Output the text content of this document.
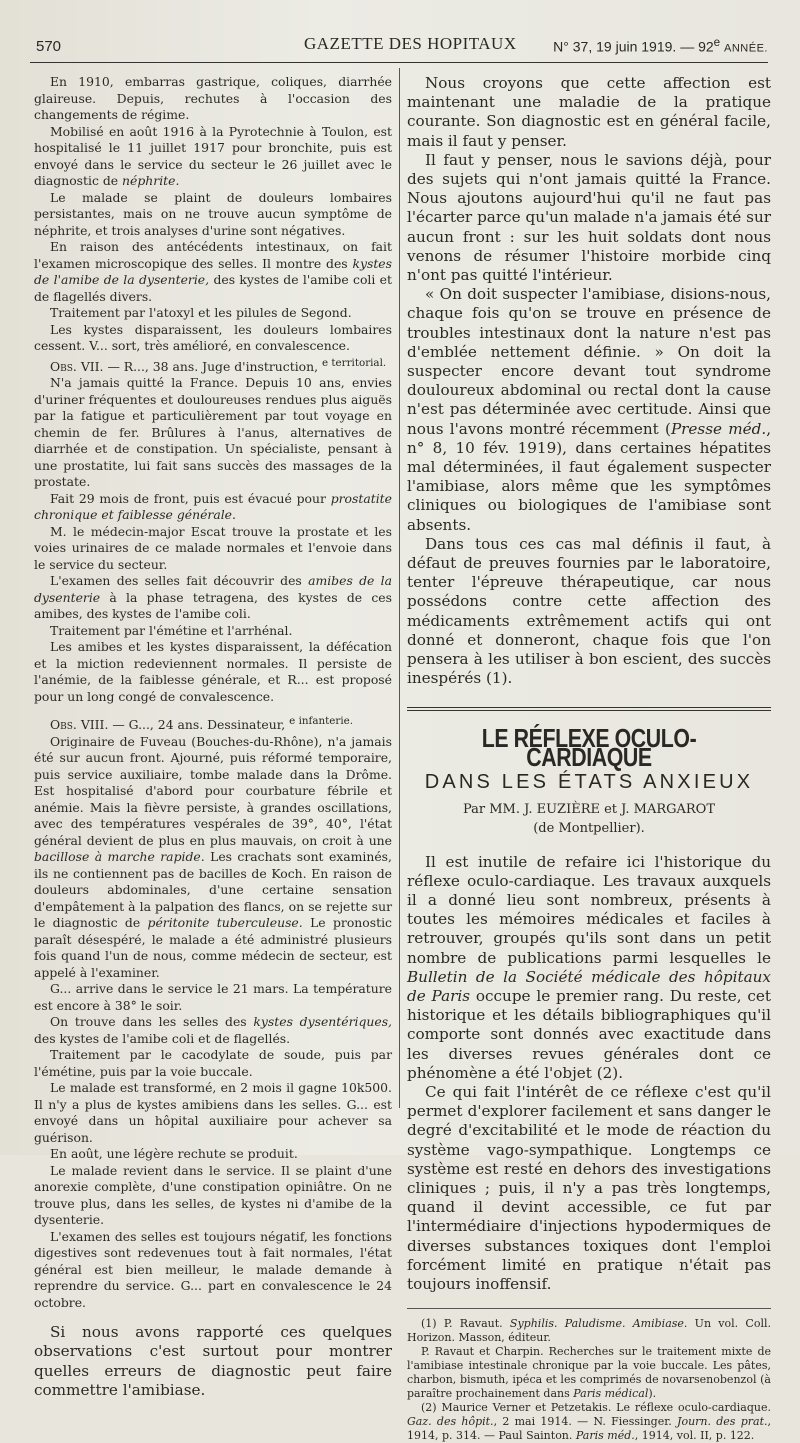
570	GAZETTE DES HOPITAUX	N° 37, 19 juin 1919. — 92e ANNÉE.

En 1910, embarras gastrique, coliques, diarrhée glaireuse. Depuis, rechutes à l'occasion des changements de régime.

Mobilisé en août 1916 à la Pyrotechnie à Toulon, est hospitalisé le 11 juillet 1917 pour bronchite, puis est envoyé dans le service du secteur le 26 juillet avec le diagnostic de néphrite.

Le malade se plaint de douleurs lombaires persistantes, mais on ne trouve aucun symptôme de néphrite, et trois analyses d'urine sont négatives.

En raison des antécédents intestinaux, on fait l'examen microscopique des selles. Il montre des kystes de l'amibe de la dysenterie, des kystes de l'amibe coli et de flagellés divers.

Traitement par l'atoxyl et les pilules de Segond.

Les kystes disparaissent, les douleurs lombaires cessent. V... sort, très amélioré, en convalescence.

Obs. VII. — R..., 38 ans. Juge d'instruction, $^{e territorial.}$

N'a jamais quitté la France. Depuis 10 ans, envies d'uriner fréquentes et douloureuses rendues plus aiguës par la fatigue et particulièrement par tout voyage en chemin de fer. Brûlures à l'anus, alternatives de diarrhée et de constipation. Un spécialiste, pensant à une prostatite, lui fait sans succès des massages de la prostate.

Fait 29 mois de front, puis est évacué pour prostatite chronique et faiblesse générale.

M. le médecin-major Escat trouve la prostate et les voies urinaires de ce malade normales et l'envoie dans le service du secteur.

L'examen des selles fait découvrir des amibes de la dysenterie à la phase tetragena, des kystes de ces amibes, des kystes de l'amibe coli.

Traitement par l'émétine et l'arrhénal.

Les amibes et les kystes disparaissent, la défécation et la miction redeviennent normales. Il persiste de l'anémie, de la faiblesse générale, et R... est proposé pour un long congé de convalescence.

Obs. VIII. — G..., 24 ans. Dessinateur, $^{e infanterie.}$

Originaire de Fuveau (Bouches-du-Rhône), n'a jamais été sur aucun front. Ajourné, puis réformé temporaire, puis service auxiliaire, tombe malade dans la Drôme. Est hospitalisé d'abord pour courbature fébrile et anémie. Mais la fièvre persiste, à grandes oscillations, avec des températures vespérales de 39°, 40°, l'état général devient de plus en plus mauvais, on croit à une bacillose à marche rapide. Les crachats sont examinés, ils ne contiennent pas de bacilles de Koch. En raison de douleurs abdominales, d'une certaine sensation d'empâtement à la palpation des flancs, on se rejette sur le diagnostic de péritonite tuberculeuse. Le pronostic paraît désespéré, le malade a été administré plusieurs fois quand l'un de nous, comme médecin de secteur, est appelé à l'examiner.

G... arrive dans le service le 21 mars. La température est encore à 38° le soir.

On trouve dans les selles des kystes dysentériques, des kystes de l'amibe coli et de flagellés.

Traitement par le cacodylate de soude, puis par l'émétine, puis par la voie buccale.

Le malade est transformé, en 2 mois il gagne 10k500. Il n'y a plus de kystes amibiens dans les selles. G... est envoyé dans un hôpital auxiliaire pour achever sa guérison.

En août, une légère rechute se produit.

Le malade revient dans le service. Il se plaint d'une anorexie complète, d'une constipation opiniâtre. On ne trouve plus, dans les selles, de kystes ni d'amibe de la dysenterie.

L'examen des selles est toujours négatif, les fonctions digestives sont redevenues tout à fait normales, l'état général est bien meilleur, le malade demande à reprendre du service. G... part en convalescence le 24 octobre.

Si nous avons rapporté ces quelques observations c'est surtout pour montrer quelles erreurs de diagnostic peut faire commettre l'amibiase.

Nous croyons que cette affection est maintenant une maladie de la pratique courante. Son diagnostic est en général facile, mais il faut y penser.

Il faut y penser, nous le savions déjà, pour des sujets qui n'ont jamais quitté la France. Nous ajoutons aujourd'hui qu'il ne faut pas l'écarter parce qu'un malade n'a jamais été sur aucun front : sur les huit soldats dont nous venons de résumer l'histoire morbide cinq n'ont pas quitté l'intérieur.

« On doit suspecter l'amibiase, disions-nous, chaque fois qu'on se trouve en présence de troubles intestinaux dont la nature n'est pas d'emblée nettement définie. » On doit la suspecter encore devant tout syndrome douloureux abdominal ou rectal dont la cause n'est pas déterminée avec certitude. Ainsi que nous l'avons montré récemment (Presse méd., n° 8, 10 fév. 1919), dans certaines hépatites mal déterminées, il faut également suspecter l'amibiase, alors même que les symptômes cliniques ou biologiques de l'amibiase sont absents.

Dans tous ces cas mal définis il faut, à défaut de preuves fournies par le laboratoire, tenter l'épreuve thérapeutique, car nous possédons contre cette affection des médicaments extrêmement actifs qui ont donné et donneront, chaque fois que l'on pensera à les utiliser à bon escient, des succès inespérés (1).

LE RÉFLEXE OCULO-CARDIAQUE
DANS LES ÉTATS ANXIEUX

Par MM. J. EUZIÈRE et J. MARGAROT

(de Montpellier).

Il est inutile de refaire ici l'historique du réflexe oculo-cardiaque. Les travaux auxquels il a donné lieu sont nombreux, présents à toutes les mémoires médicales et faciles à retrouver, groupés qu'ils sont dans un petit nombre de publications parmi lesquelles le Bulletin de la Société médicale des hôpitaux de Paris occupe le premier rang. Du reste, cet historique et les détails bibliographiques qu'il comporte sont donnés avec exactitude dans les diverses revues générales dont ce phénomène a été l'objet (2).

Ce qui fait l'intérêt de ce réflexe c'est qu'il permet d'explorer facilement et sans danger le degré d'excitabilité et le mode de réaction du système vago-sympathique. Longtemps ce système est resté en dehors des investigations cliniques ; puis, il n'y a pas très longtemps, quand il devint accessible, ce fut par l'intermédiaire d'injections hypodermiques de diverses substances toxiques dont l'emploi forcément limité en pratique n'était pas toujours inoffensif.

(1) P. Ravaut. Syphilis. Paludisme. Amibiase. Un vol. Coll. Horizon. Masson, éditeur.

P. Ravaut et Charpin. Recherches sur le traitement mixte de l'amibiase intestinale chronique par la voie buccale. Les pâtes, charbon, bismuth, ipéca et les comprimés de novarsenobenzol (à paraître prochainement dans Paris médical).

(2) Maurice Verner et Petzetakis. Le réflexe oculo-cardiaque. Gaz. des hôpit., 2 mai 1914. — N. Fiessinger. Journ. des prat., 1914, p. 314. — Paul Sainton. Paris méd., 1914, vol. II, p. 122.
